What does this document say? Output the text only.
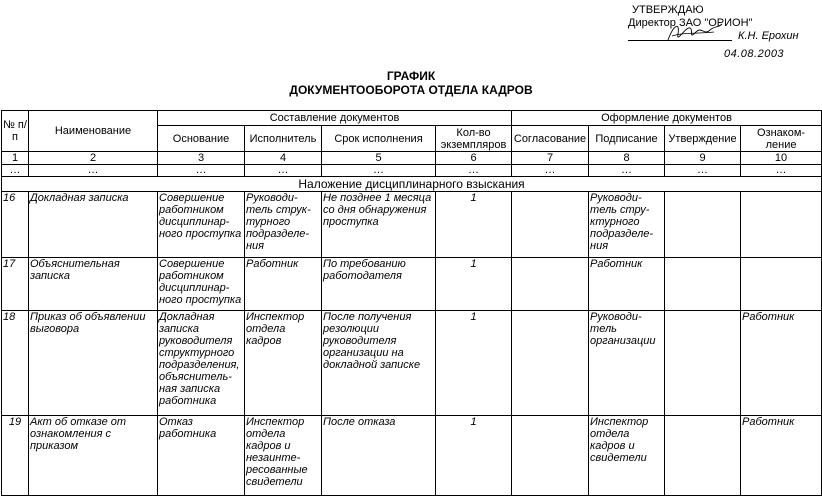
УТВЕРЖДАЮ
Директор ЗАО "ОРИОН"
К.Н. Ерохин
04.08.2003
ГРАФИК
ДОКУМЕНТООБОРОТА ОТДЕЛА КАДРОВ
№ п/п	Наименование	Составление документов				Оформление документов			
		Основание	Исполнитель	Срок исполнения	Кол-во экземпляров	Согласование	Подписание	Утверждение	Ознаком-ление
1	2	3	4	5	6	7	8	9	10
…	…	…	…	…	…	…	…	…	…
Наложение дисциплинарного взыскания									
16	Докладная записка	Совершение работником дисциплинар-ного проступка	Руководи-тель струк-турного подразделе-ния	Не позднее 1 месяца со дня обнаружения проступка	1		Руководи-тель стру-ктурного подразделе-ния		
17	Объяснительная записка	Совершение работником дисциплинар-ного проступка	Работник	По требованию работодателя	1		Работник		
18	Приказ об объявлении выговора	Докладная записка руководителя структурного подразделения, объяснитель-ная записка работника	Инспектор отдела кадров	После получения резолюции руководителя организации на докладной записке	1		Руководи-тель организации		Работник
19	Акт об отказе от ознакомления с приказом	Отказ работника	Инспектор отдела кадров и незаинте-ресованные свидетели	После отказа	1		Инспектор отдела кадров и свидетели		Работник
